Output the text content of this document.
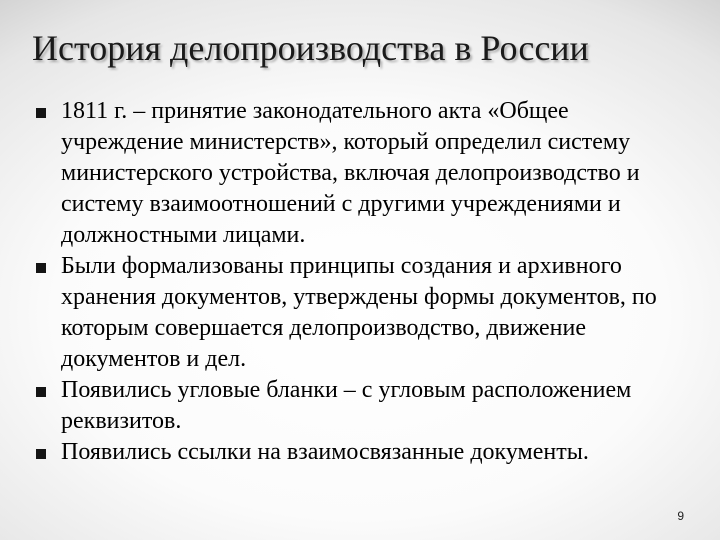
История делопроизводства в России
1811 г. – принятие законодательного акта «Общее учреждение министерств», который определил систему министерского устройства, включая делопроизводство и систему взаимоотношений с другими учреждениями и должностными лицами.
Были формализованы принципы создания и архивного хранения документов, утверждены формы документов, по которым совершается делопроизводство, движение документов и дел.
Появились угловые бланки – с угловым расположением реквизитов.
Появились ссылки на взаимосвязанные документы.
9
